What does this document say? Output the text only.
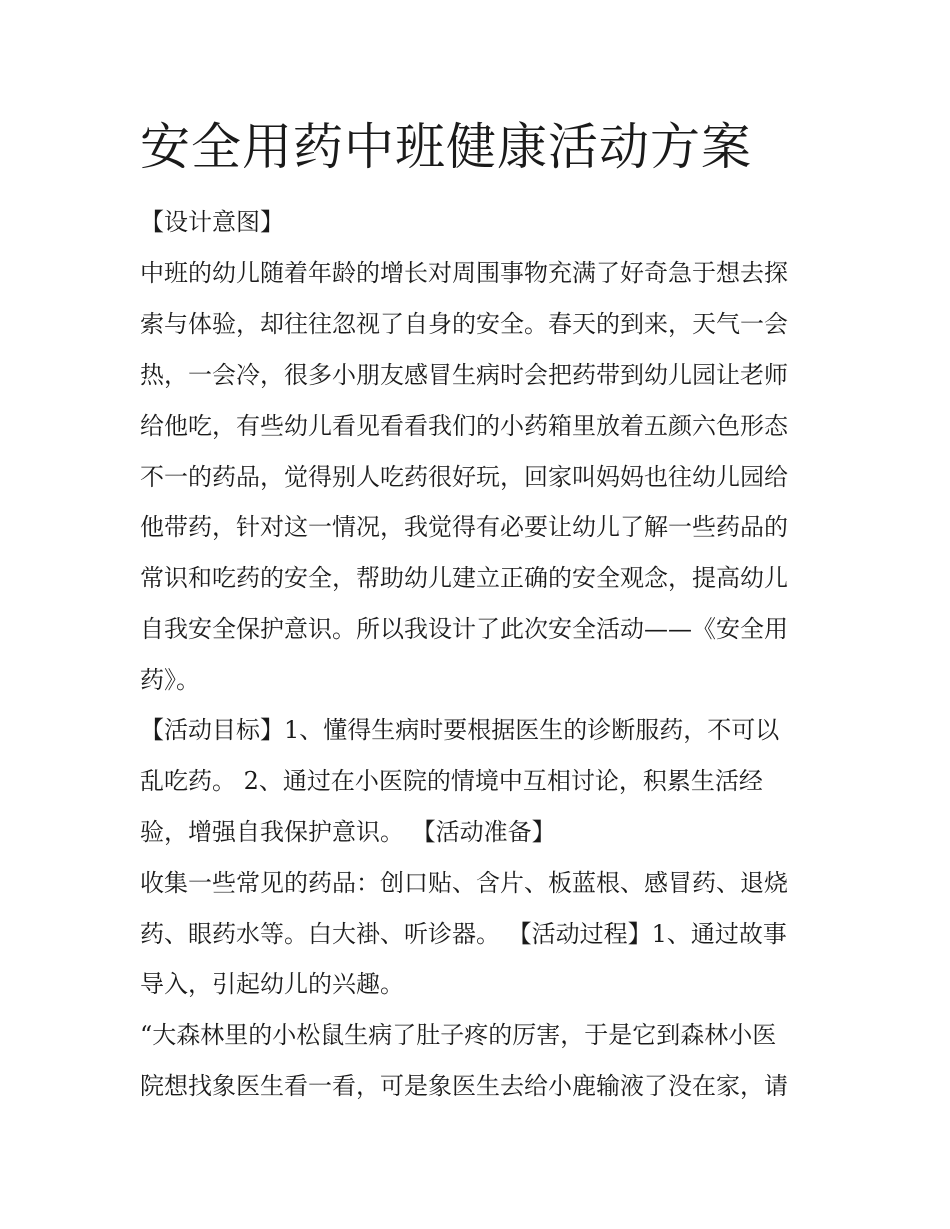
安全用药中班健康活动方案

【设计意图】

中班的幼儿随着年龄的增长对周围事物充满了好奇急于想去探

索与体验，却往往忽视了自身的安全。春天的到来，天气一会

热，一会冷，很多小朋友感冒生病时会把药带到幼儿园让老师

给他吃，有些幼儿看见看看我们的小药箱里放着五颜六色形态

不一的药品，觉得别人吃药很好玩，回家叫妈妈也往幼儿园给

他带药，针对这一情况，我觉得有必要让幼儿了解一些药品的

常识和吃药的安全，帮助幼儿建立正确的安全观念，提高幼儿

自我安全保护意识。所以我设计了此次安全活动——《安全用

药》。

【活动目标】1、懂得生病时要根据医生的诊断服药，不可以

乱吃药。 2、通过在小医院的情境中互相讨论，积累生活经

验，增强自我保护意识。 【活动准备】

收集一些常见的药品：创口贴、含片、板蓝根、感冒药、退烧

药、眼药水等。白大褂、听诊器。 【活动过程】1、通过故事

导入，引起幼儿的兴趣。

“大森林里的小松鼠生病了肚子疼的厉害，于是它到森林小医

院想找象医生看一看，可是象医生去给小鹿输液了没在家，请
